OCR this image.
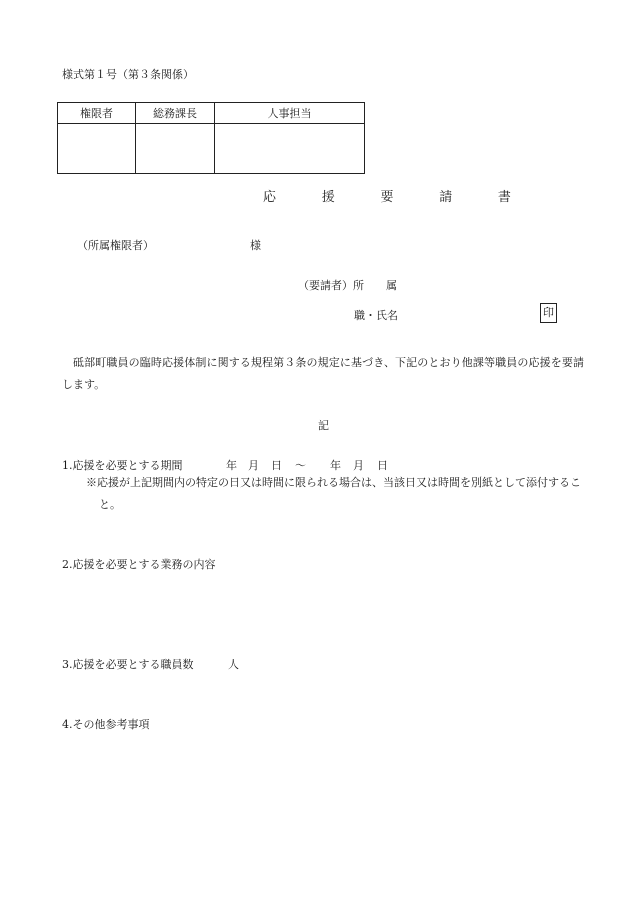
様式第１号（第３条関係）
権限者	総務課長	人事担当

応 援 要 請 書
（所属権限者）	様
（要請者）所　　属
職・氏名	印
砥部町職員の臨時応援体制に関する規程第３条の規定に基づき、下記のとおり他課等職員の応援を要請します。
記
1.応援を必要とする期間	年 月 日 ～ 年 月 日
※応援が上記期間内の特定の日又は時間に限られる場合は、当該日又は時間を別紙として添付すること。
2.応援を必要とする業務の内容
3.応援を必要とする職員数	人
4.その他参考事項
